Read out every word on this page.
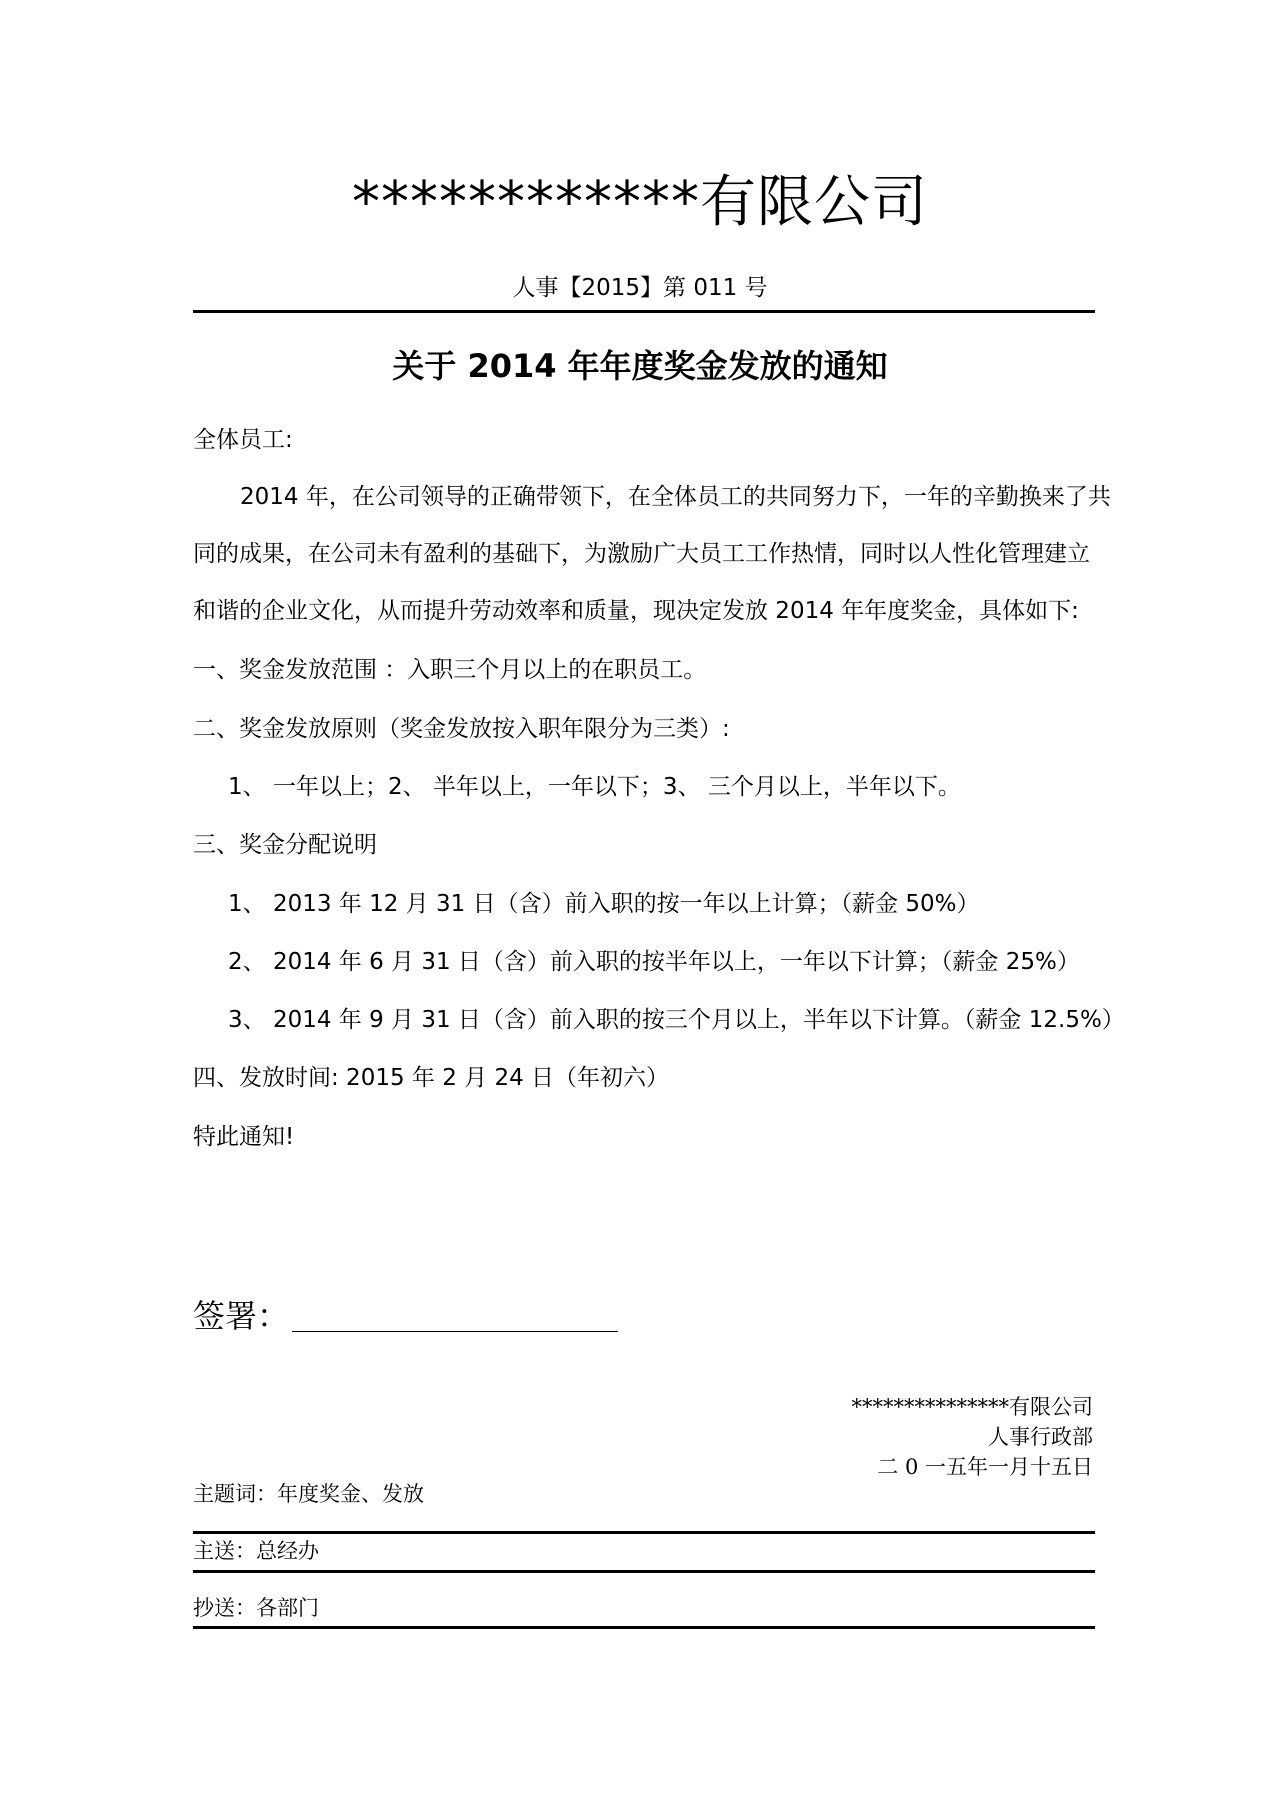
************有限公司
人事【2015】第 011 号
关于 2014 年年度奖金发放的通知
全体员工:
2014 年，在公司领导的正确带领下，在全体员工的共同努力下，一年的辛勤换来了共
同的成果，在公司未有盈利的基础下，为激励广大员工工作热情，同时以人性化管理建立
和谐的企业文化，从而提升劳动效率和质量，现决定发放 2014 年年度奖金，具体如下:
一、奖金发放范围 ：入职三个月以上的在职员工。
二、奖金发放原则（奖金发放按入职年限分为三类）:
1、 一年以上；2、 半年以上，一年以下；3、 三个月以上，半年以下。
三、奖金分配说明
1、 2013 年 12 月 31 日（含）前入职的按一年以上计算；（薪金 50%）
2、 2014 年 6 月 31 日（含）前入职的按半年以上，一年以下计算；（薪金 25%）
3、 2014 年 9 月 31 日（含）前入职的按三个月以上，半年以下计算。（薪金 12.5%）
四、发放时间: 2015 年 2 月 24 日（年初六）
特此通知!
签署：
***************有限公司
人事行政部
二 0 一五年一月十五日
主题词：年度奖金、发放
主送：总经办
抄送：各部门
